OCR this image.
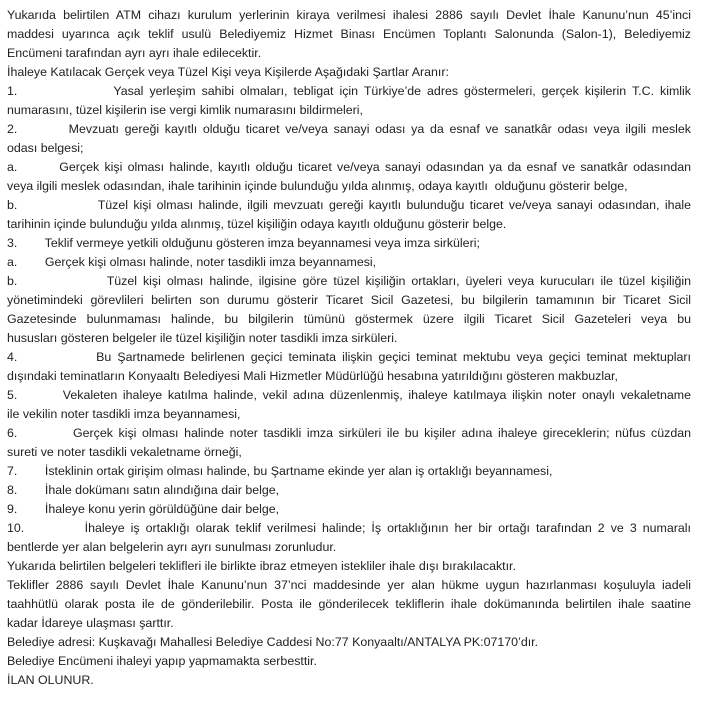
Yukarıda belirtilen ATM cihazı kurulum yerlerinin kiraya verilmesi ihalesi 2886 sayılı Devlet İhale Kanunu’nun 45’inci
maddesi uyarınca açık teklif usulü Belediyemiz Hizmet Binası Encümen Toplantı Salonunda (Salon-1), Belediyemiz
Encümeni tarafından ayrı ayrı ihale edilecektir.
İhaleye Katılacak Gerçek veya Tüzel Kişi veya Kişilerde Aşağıdaki Şartlar Aranır:
1.                Yasal yerleşim sahibi olmaları, tebligat için Türkiye’de adres göstermeleri, gerçek kişilerin T.C. kimlik
numarasını, tüzel kişilerin ise vergi kimlik numarasını bildirmeleri,
2.         Mevzuatı gereği kayıtlı olduğu ticaret ve/veya sanayi odası ya da esnaf ve sanatkâr odası veya ilgili meslek
odası belgesi;
a.        Gerçek kişi olması halinde, kayıtlı olduğu ticaret ve/veya sanayi odasından ya da esnaf ve sanatkâr odasından
veya ilgili meslek odasından, ihale tarihinin içinde bulunduğu yılda alınmış, odaya kayıtlı  olduğunu gösterir belge,
b.               Tüzel kişi olması halinde, ilgili mevzuatı gereği kayıtlı bulunduğu ticaret ve/veya sanayi odasından, ihale
tarihinin içinde bulunduğu yılda alınmış, tüzel kişiliğin odaya kayıtlı olduğunu gösterir belge.
3.        Teklif vermeye yetkili olduğunu gösteren imza beyannamesi veya imza sirküleri;
a.        Gerçek kişi olması halinde, noter tasdikli imza beyannamesi,
b.               Tüzel kişi olması halinde, ilgisine göre tüzel kişiliğin ortakları, üyeleri veya kurucuları ile tüzel kişiliğin
yönetimindeki görevlileri belirten son durumu gösterir Ticaret Sicil Gazetesi, bu bilgilerin tamamının bir Ticaret Sicil
Gazetesinde bulunmaması halinde, bu bilgilerin tümünü göstermek üzere ilgili Ticaret Sicil Gazeteleri veya bu
hususları gösteren belgeler ile tüzel kişiliğin noter tasdikli imza sirküleri.
4.             Bu Şartnamede belirlenen geçici teminata ilişkin geçici teminat mektubu veya geçici teminat mektupları
dışındaki teminatların Konyaaltı Belediyesi Mali Hizmetler Müdürlüğü hesabına yatırıldığını gösteren makbuzlar,
5.        Vekaleten ihaleye katılma halinde, vekil adına düzenlenmiş, ihaleye katılmaya ilişkin noter onaylı vekaletname
ile vekilin noter tasdikli imza beyannamesi,
6.          Gerçek kişi olması halinde noter tasdikli imza sirküleri ile bu kişiler adına ihaleye gireceklerin; nüfus cüzdan
sureti ve noter tasdikli vekaletname örneği,
7.        İsteklinin ortak girişim olması halinde, bu Şartname ekinde yer alan iş ortaklığı beyannamesi,
8.        İhale dokümanı satın alındığına dair belge,
9.        İhaleye konu yerin görüldüğüne dair belge,
10.          İhaleye iş ortaklığı olarak teklif verilmesi halinde; İş ortaklığının her bir ortağı tarafından 2 ve 3 numaralı
bentlerde yer alan belgelerin ayrı ayrı sunulması zorunludur.
Yukarıda belirtilen belgeleri teklifleri ile birlikte ibraz etmeyen istekliler ihale dışı bırakılacaktır.
Teklifler 2886 sayılı Devlet İhale Kanunu’nun 37’nci maddesinde yer alan hükme uygun hazırlanması koşuluyla iadeli
taahhütlü olarak posta ile de gönderilebilir. Posta ile gönderilecek tekliflerin ihale dokümanında belirtilen ihale saatine
kadar İdareye ulaşması şarttır.
Belediye adresi: Kuşkavağı Mahallesi Belediye Caddesi No:77 Konyaaltı/ANTALYA PK:07170’dır.
Belediye Encümeni ihaleyi yapıp yapmamakta serbesttir.
İLAN OLUNUR.
